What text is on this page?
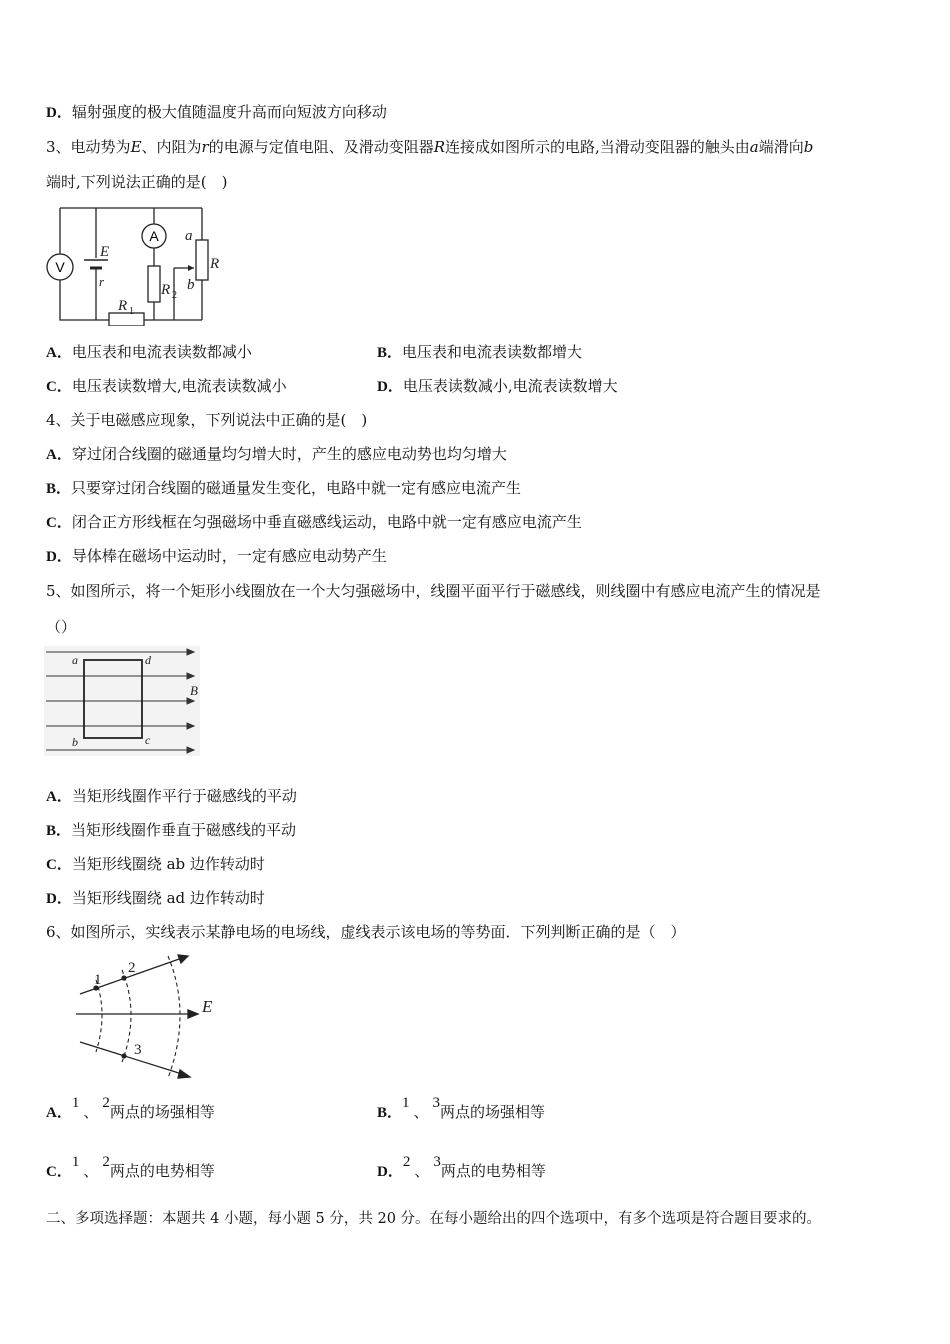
D．辐射强度的极大值随温度升高而向短波方向移动
3、电动势为E、内阻为r的电源与定值电阻、及滑动变阻器R连接成如图所示的电路,当滑动变阻器的触头由a端滑向b
端时,下列说法正确的是(　)
V
A
E
r
R 1
R 2
a
b
R
A．电压表和电流表读数都减小	B．电压表和电流表读数都增大
C．电压表读数增大,电流表读数减小	D．电压表读数减小,电流表读数增大
4、关于电磁感应现象，下列说法中正确的是(　)
A．穿过闭合线圈的磁通量均匀增大时，产生的感应电动势也均匀增大
B．只要穿过闭合线圈的磁通量发生变化，电路中就一定有感应电流产生
C．闭合正方形线框在匀强磁场中垂直磁感线运动，电路中就一定有感应电流产生
D．导体棒在磁场中运动时，一定有感应电动势产生
5、如图所示，将一个矩形小线圈放在一个大匀强磁场中，线圈平面平行于磁感线，则线圈中有感应电流产生的情况是
（）
a	d
b	c
B
A．当矩形线圈作平行于磁感线的平动
B．当矩形线圈作垂直于磁感线的平动
C．当矩形线圈绕 ab 边作转动时
D．当矩形线圈绕 ad 边作转动时
6、如图所示，实线表示某静电场的电场线，虚线表示该电场的等势面．下列判断正确的是（　）
1
2
3
E
A．1 、 2两点的场强相等	B．1 、 3两点的场强相等
C．1 、 2两点的电势相等	D．2 、 3两点的电势相等
二、多项选择题：本题共 4 小题，每小题 5 分，共 20 分。在每小题给出的四个选项中，有多个选项是符合题目要求的。
